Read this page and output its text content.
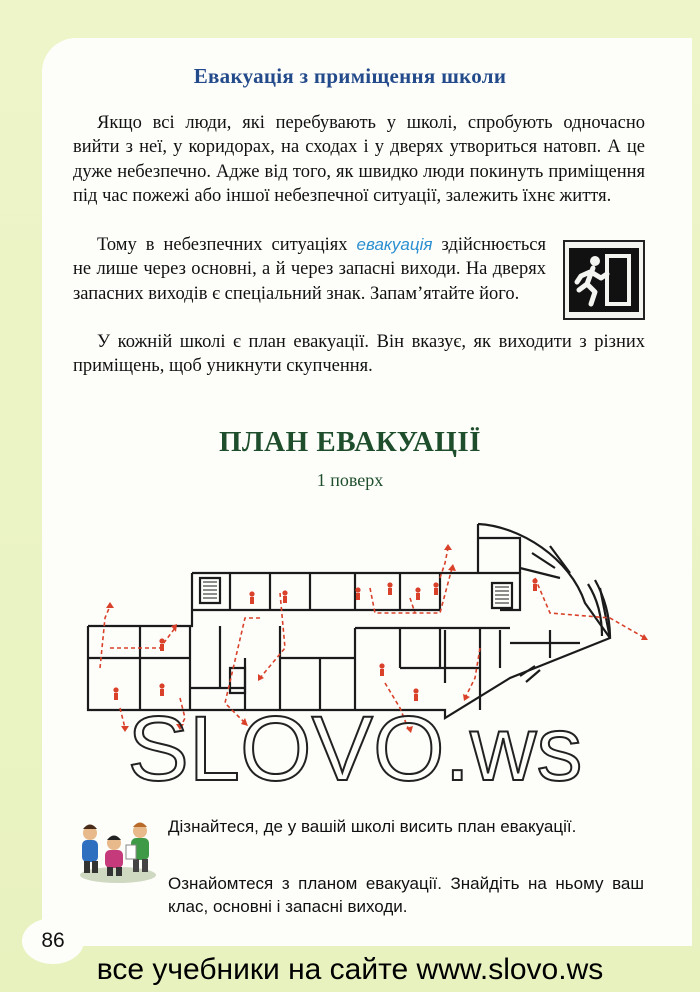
Евакуація з приміщення школи
Якщо всі люди, які перебувають у школі, спробують одночасно вийти з неї, у коридорах, на сходах і у дверях утвориться натовп. А це дуже небезпечно. Адже від того, як швидко люди покинуть приміщення під час пожежі або іншої небезпечної ситуації, залежить їхнє життя.
Тому в небезпечних ситуаціях евакуація здійснюється не лише через основні, а й через запасні виходи. На дверях запасних виходів є спеціальний знак. Запам’ятайте його.
У кожній школі є план евакуації. Він вказує, як виходити з різних приміщень, щоб уникнути скупчення.
ПЛАН ЕВАКУАЦІЇ
1 поверх
SLOVO.ws
Дізнайтеся, де у вашій школі висить план евакуації.
Ознайомтеся з планом евакуації. Знайдіть на ньому ваш клас, основні і запасні виходи.
86
все учебники на сайте www.slovo.ws
